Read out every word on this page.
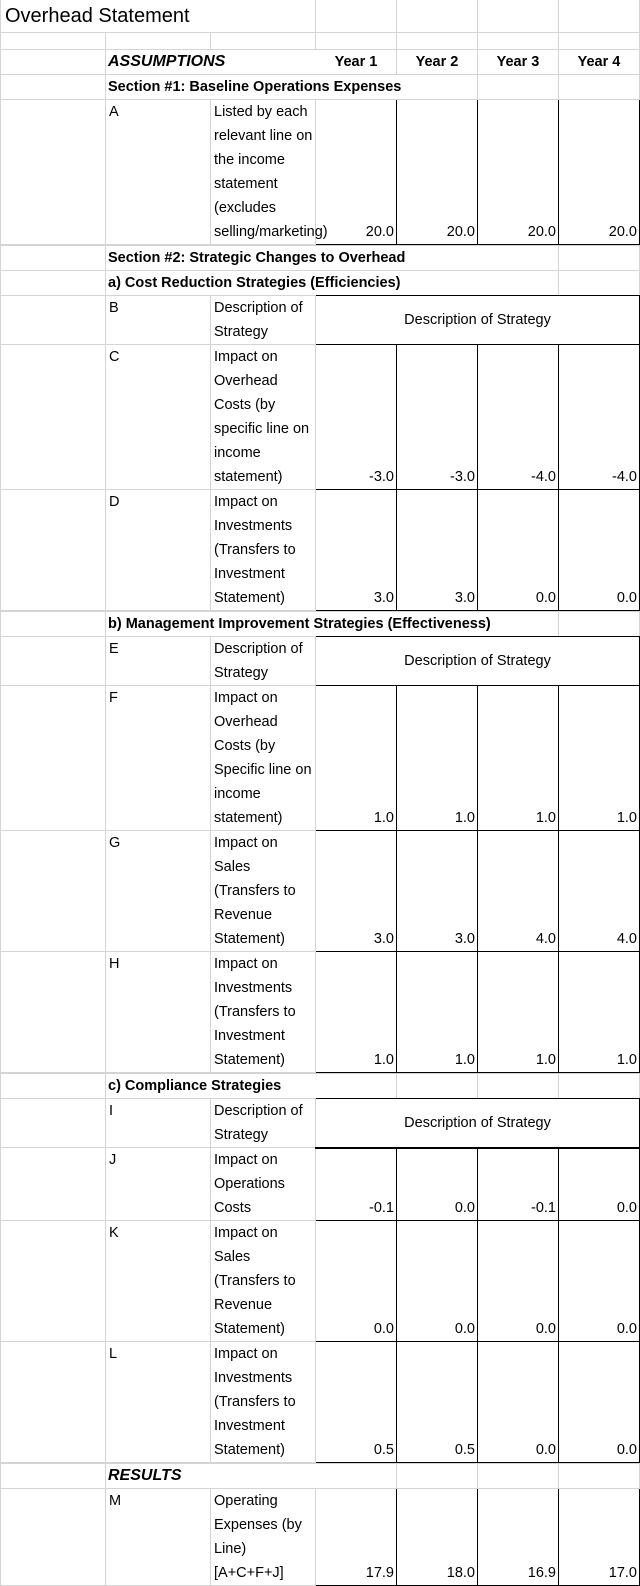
Overhead Statement						

	ASSUMPTIONS		Year 1	Year 2	Year 3	Year 4
	Section #1: Baseline Operations Expenses					
	A	Listed by each relevant line on the income statement (excludes selling/marketing)	20.0	20.0	20.0	20.0

	Section #2: Strategic Changes to Overhead					
	a) Cost Reduction Strategies (Efficiencies)					
	B	Description of Strategy	Description of Strategy			
	C	Impact on Overhead Costs (by specific line on income statement)	-3.0	-3.0	-4.0	-4.0
	D	Impact on Investments (Transfers to Investment Statement)	3.0	3.0	0.0	0.0

	b) Management Improvement Strategies (Effectiveness)					
	E	Description of Strategy	Description of Strategy			
	F	Impact on Overhead Costs (by Specific line on income statement)	1.0	1.0	1.0	1.0
	G	Impact on Sales (Transfers to Revenue Statement)	3.0	3.0	4.0	4.0
	H	Impact on Investments (Transfers to Investment Statement)	1.0	1.0	1.0	1.0

	c) Compliance Strategies					
	I	Description of Strategy	Description of Strategy			
	J	Impact on Operations Costs	-0.1	0.0	-0.1	0.0
	K	Impact on Sales (Transfers to Revenue Statement)	0.0	0.0	0.0	0.0
	L	Impact on Investments (Transfers to Investment Statement)	0.5	0.5	0.0	0.0

	RESULTS					
	M	Operating Expenses (by Line) [A+C+F+J]	17.9	18.0	16.9	17.0
